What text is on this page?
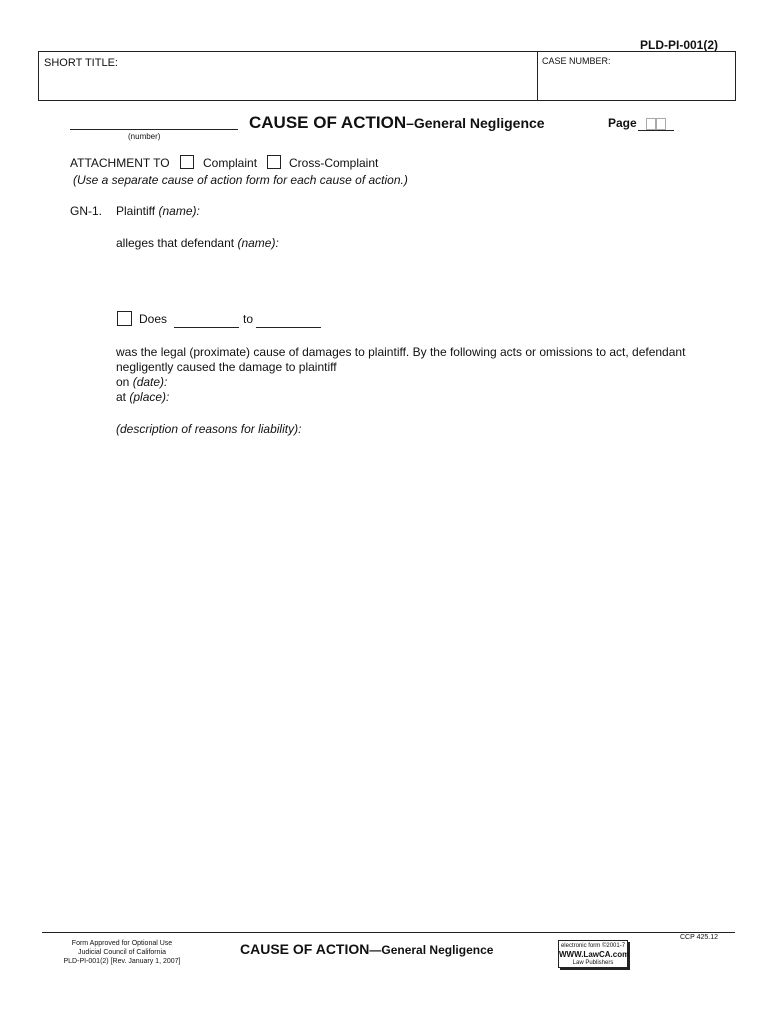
PLD-PI-001(2)
SHORT TITLE:	CASE NUMBER:
(number)
CAUSE OF ACTION–General Negligence	Page
ATTACHMENT TO	Complaint	Cross-Complaint
(Use a separate cause of action form for each cause of action.)
GN-1. Plaintiff (name):
alleges that defendant (name):
Does	to
was the legal (proximate) cause of damages to plaintiff. By the following acts or omissions to act, defendant
negligently caused the damage to plaintiff
on (date):
at (place):
(description of reasons for liability):
Form Approved for Optional Use
Judicial Council of California
PLD-PI-001(2) [Rev. January 1, 2007]
CAUSE OF ACTION—General Negligence	electronic form ©2001-7
WWW.LawCA.com
Law Publishers
CCP 425.12
